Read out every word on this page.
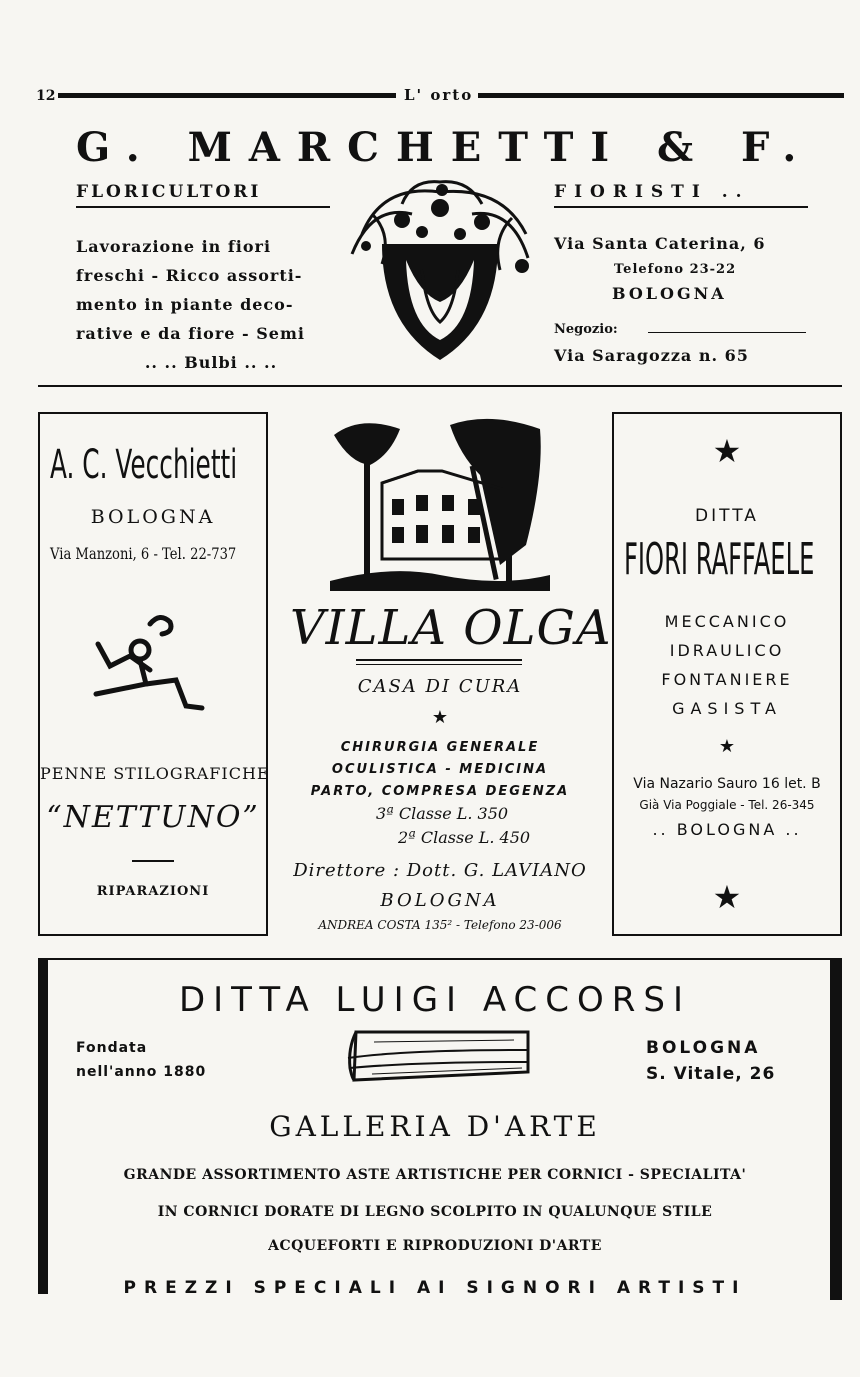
12	L' orto
G. MARCHETTI & F.
FLORICULTORI	FIORISTI ..
Lavorazione in fiori
freschi - Ricco assorti-
mento in piante deco-
rative e da fiore - Semi
.. .. Bulbi .. ..
Via Santa Caterina, 6
Telefono 23-22
BOLOGNA
Negozio:
Via Saragozza n. 65
A. C. Vecchietti
BOLOGNA
Via Manzoni, 6 - Tel. 22-737
PENNE STILOGRAFICHE
“NETTUNO”
RIPARAZIONI
VILLA OLGA
CASA DI CURA
★
CHIRURGIA GENERALE
OCULISTICA - MEDICINA
PARTO, COMPRESA DEGENZA
3ª Classe L. 350
2ª Classe L. 450
Direttore : Dott. G. LAVIANO
BOLOGNA
ANDREA COSTA 135² - Telefono 23-006
★
DITTA
FIORI RAFFAELE
MECCANICO
IDRAULICO
FONTANIERE
GASISTA
★
Via Nazario Sauro 16 let. B
Già Via Poggiale - Tel. 26-345
.. BOLOGNA ..
★
DITTA LUIGI ACCORSI
Fondata
nell'anno 1880
BOLOGNA
S. Vitale, 26
GALLERIA D'ARTE
GRANDE ASSORTIMENTO ASTE ARTISTICHE PER CORNICI - SPECIALITA'
IN CORNICI DORATE DI LEGNO SCOLPITO IN QUALUNQUE STILE
ACQUEFORTI E RIPRODUZIONI D'ARTE
PREZZI SPECIALI AI SIGNORI ARTISTI
